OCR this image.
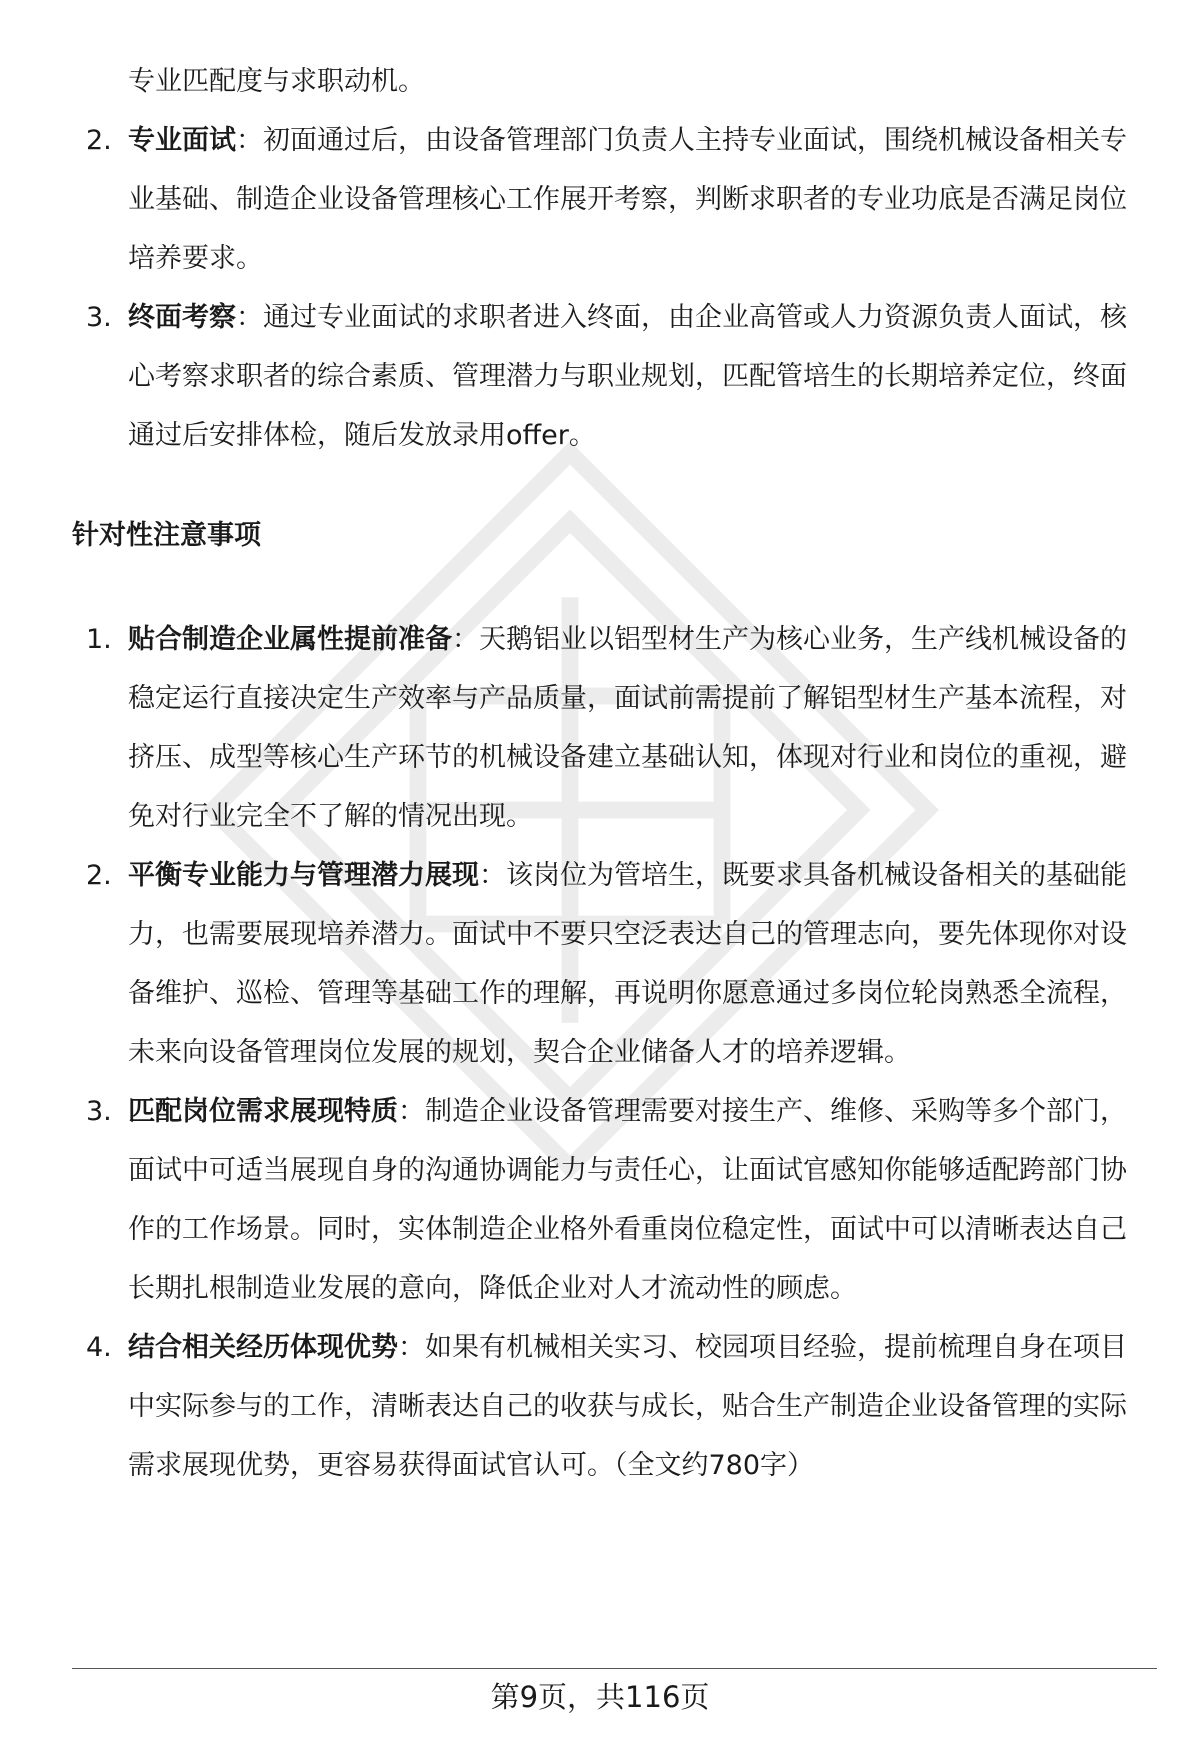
专业匹配度与求职动机。
2. 专业面试：初面通过后，由设备管理部门负责人主持专业面试，围绕机械设备相关专业基础、制造企业设备管理核心工作展开考察，判断求职者的专业功底是否满足岗位培养要求。
3. 终面考察：通过专业面试的求职者进入终面，由企业高管或人力资源负责人面试，核心考察求职者的综合素质、管理潜力与职业规划，匹配管培生的长期培养定位，终面通过后安排体检，随后发放录用offer。
针对性注意事项
1. 贴合制造企业属性提前准备：天鹅铝业以铝型材生产为核心业务，生产线机械设备的稳定运行直接决定生产效率与产品质量，面试前需提前了解铝型材生产基本流程，对挤压、成型等核心生产环节的机械设备建立基础认知，体现对行业和岗位的重视，避免对行业完全不了解的情况出现。
2. 平衡专业能力与管理潜力展现：该岗位为管培生，既要求具备机械设备相关的基础能力，也需要展现培养潜力。面试中不要只空泛表达自己的管理志向，要先体现你对设备维护、巡检、管理等基础工作的理解，再说明你愿意通过多岗位轮岗熟悉全流程，未来向设备管理岗位发展的规划，契合企业储备人才的培养逻辑。
3. 匹配岗位需求展现特质：制造企业设备管理需要对接生产、维修、采购等多个部门，面试中可适当展现自身的沟通协调能力与责任心，让面试官感知你能够适配跨部门协作的工作场景。同时，实体制造企业格外看重岗位稳定性，面试中可以清晰表达自己长期扎根制造业发展的意向，降低企业对人才流动性的顾虑。
4. 结合相关经历体现优势：如果有机械相关实习、校园项目经验，提前梳理自身在项目中实际参与的工作，清晰表达自己的收获与成长，贴合生产制造企业设备管理的实际需求展现优势，更容易获得面试官认可。（全文约780字）
第9页，共116页
